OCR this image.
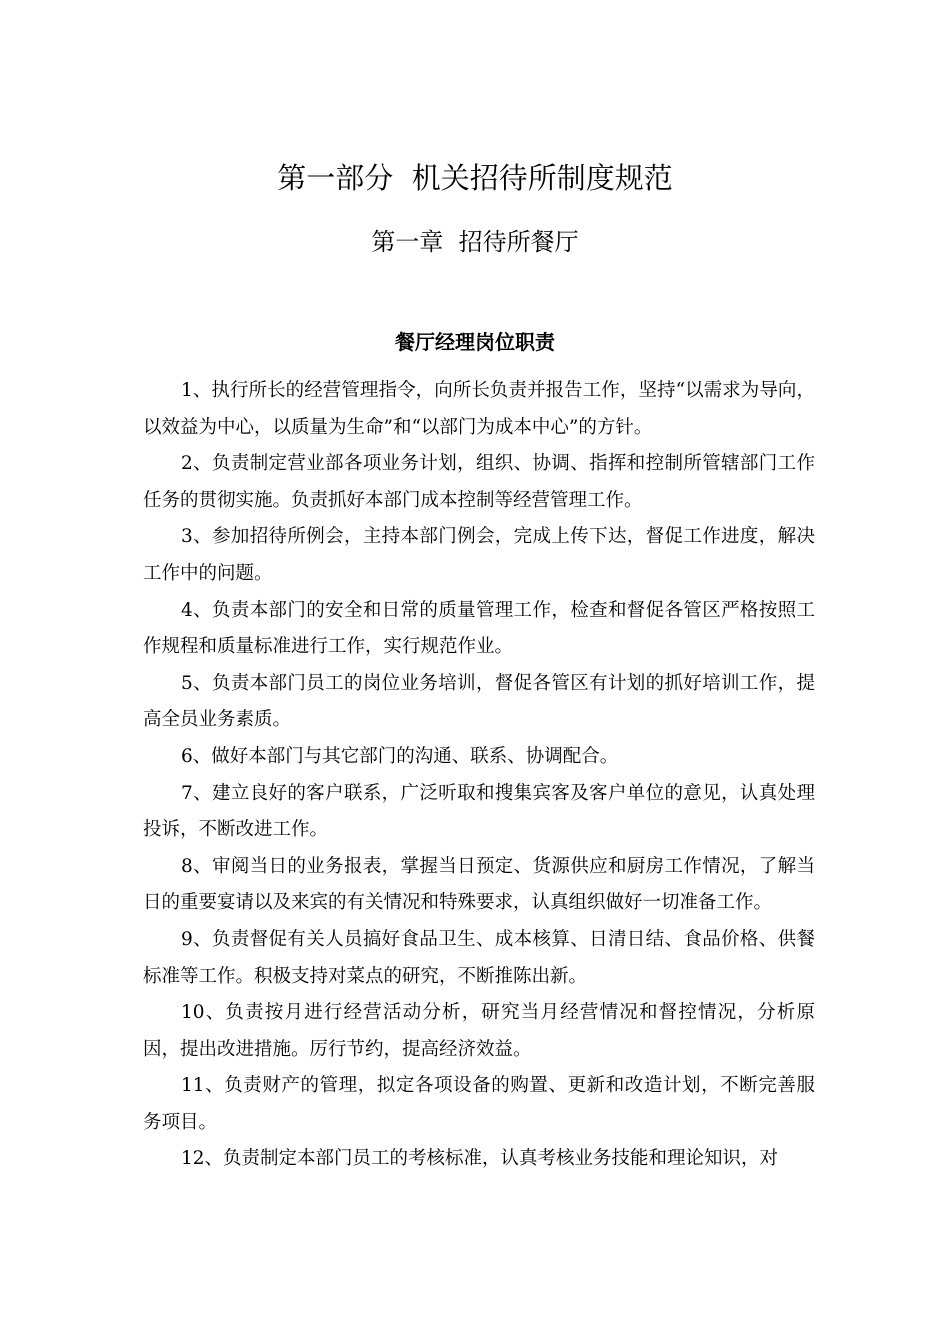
第一部分  机关招待所制度规范
第一章  招待所餐厅
餐厅经理岗位职责

1、执行所长的经营管理指令，向所长负责并报告工作，坚持“以需求为导向，以效益为中心，以质量为生命”和“以部门为成本中心”的方针。

2、负责制定营业部各项业务计划，组织、协调、指挥和控制所管辖部门工作任务的贯彻实施。负责抓好本部门成本控制等经营管理工作。

3、参加招待所例会，主持本部门例会，完成上传下达，督促工作进度，解决工作中的问题。

4、负责本部门的安全和日常的质量管理工作，检查和督促各管区严格按照工作规程和质量标准进行工作，实行规范作业。

5、负责本部门员工的岗位业务培训，督促各管区有计划的抓好培训工作，提高全员业务素质。

6、做好本部门与其它部门的沟通、联系、协调配合。

7、建立良好的客户联系，广泛听取和搜集宾客及客户单位的意见，认真处理投诉，不断改进工作。

8、审阅当日的业务报表，掌握当日预定、货源供应和厨房工作情况，了解当日的重要宴请以及来宾的有关情况和特殊要求，认真组织做好一切准备工作。

9、负责督促有关人员搞好食品卫生、成本核算、日清日结、食品价格、供餐标准等工作。积极支持对菜点的研究，不断推陈出新。

10、负责按月进行经营活动分析，研究当月经营情况和督控情况，分析原因，提出改进措施。厉行节约，提高经济效益。

11、负责财产的管理，拟定各项设备的购置、更新和改造计划，不断完善服务项目。

12、负责制定本部门员工的考核标准，认真考核业务技能和理论知识，对
